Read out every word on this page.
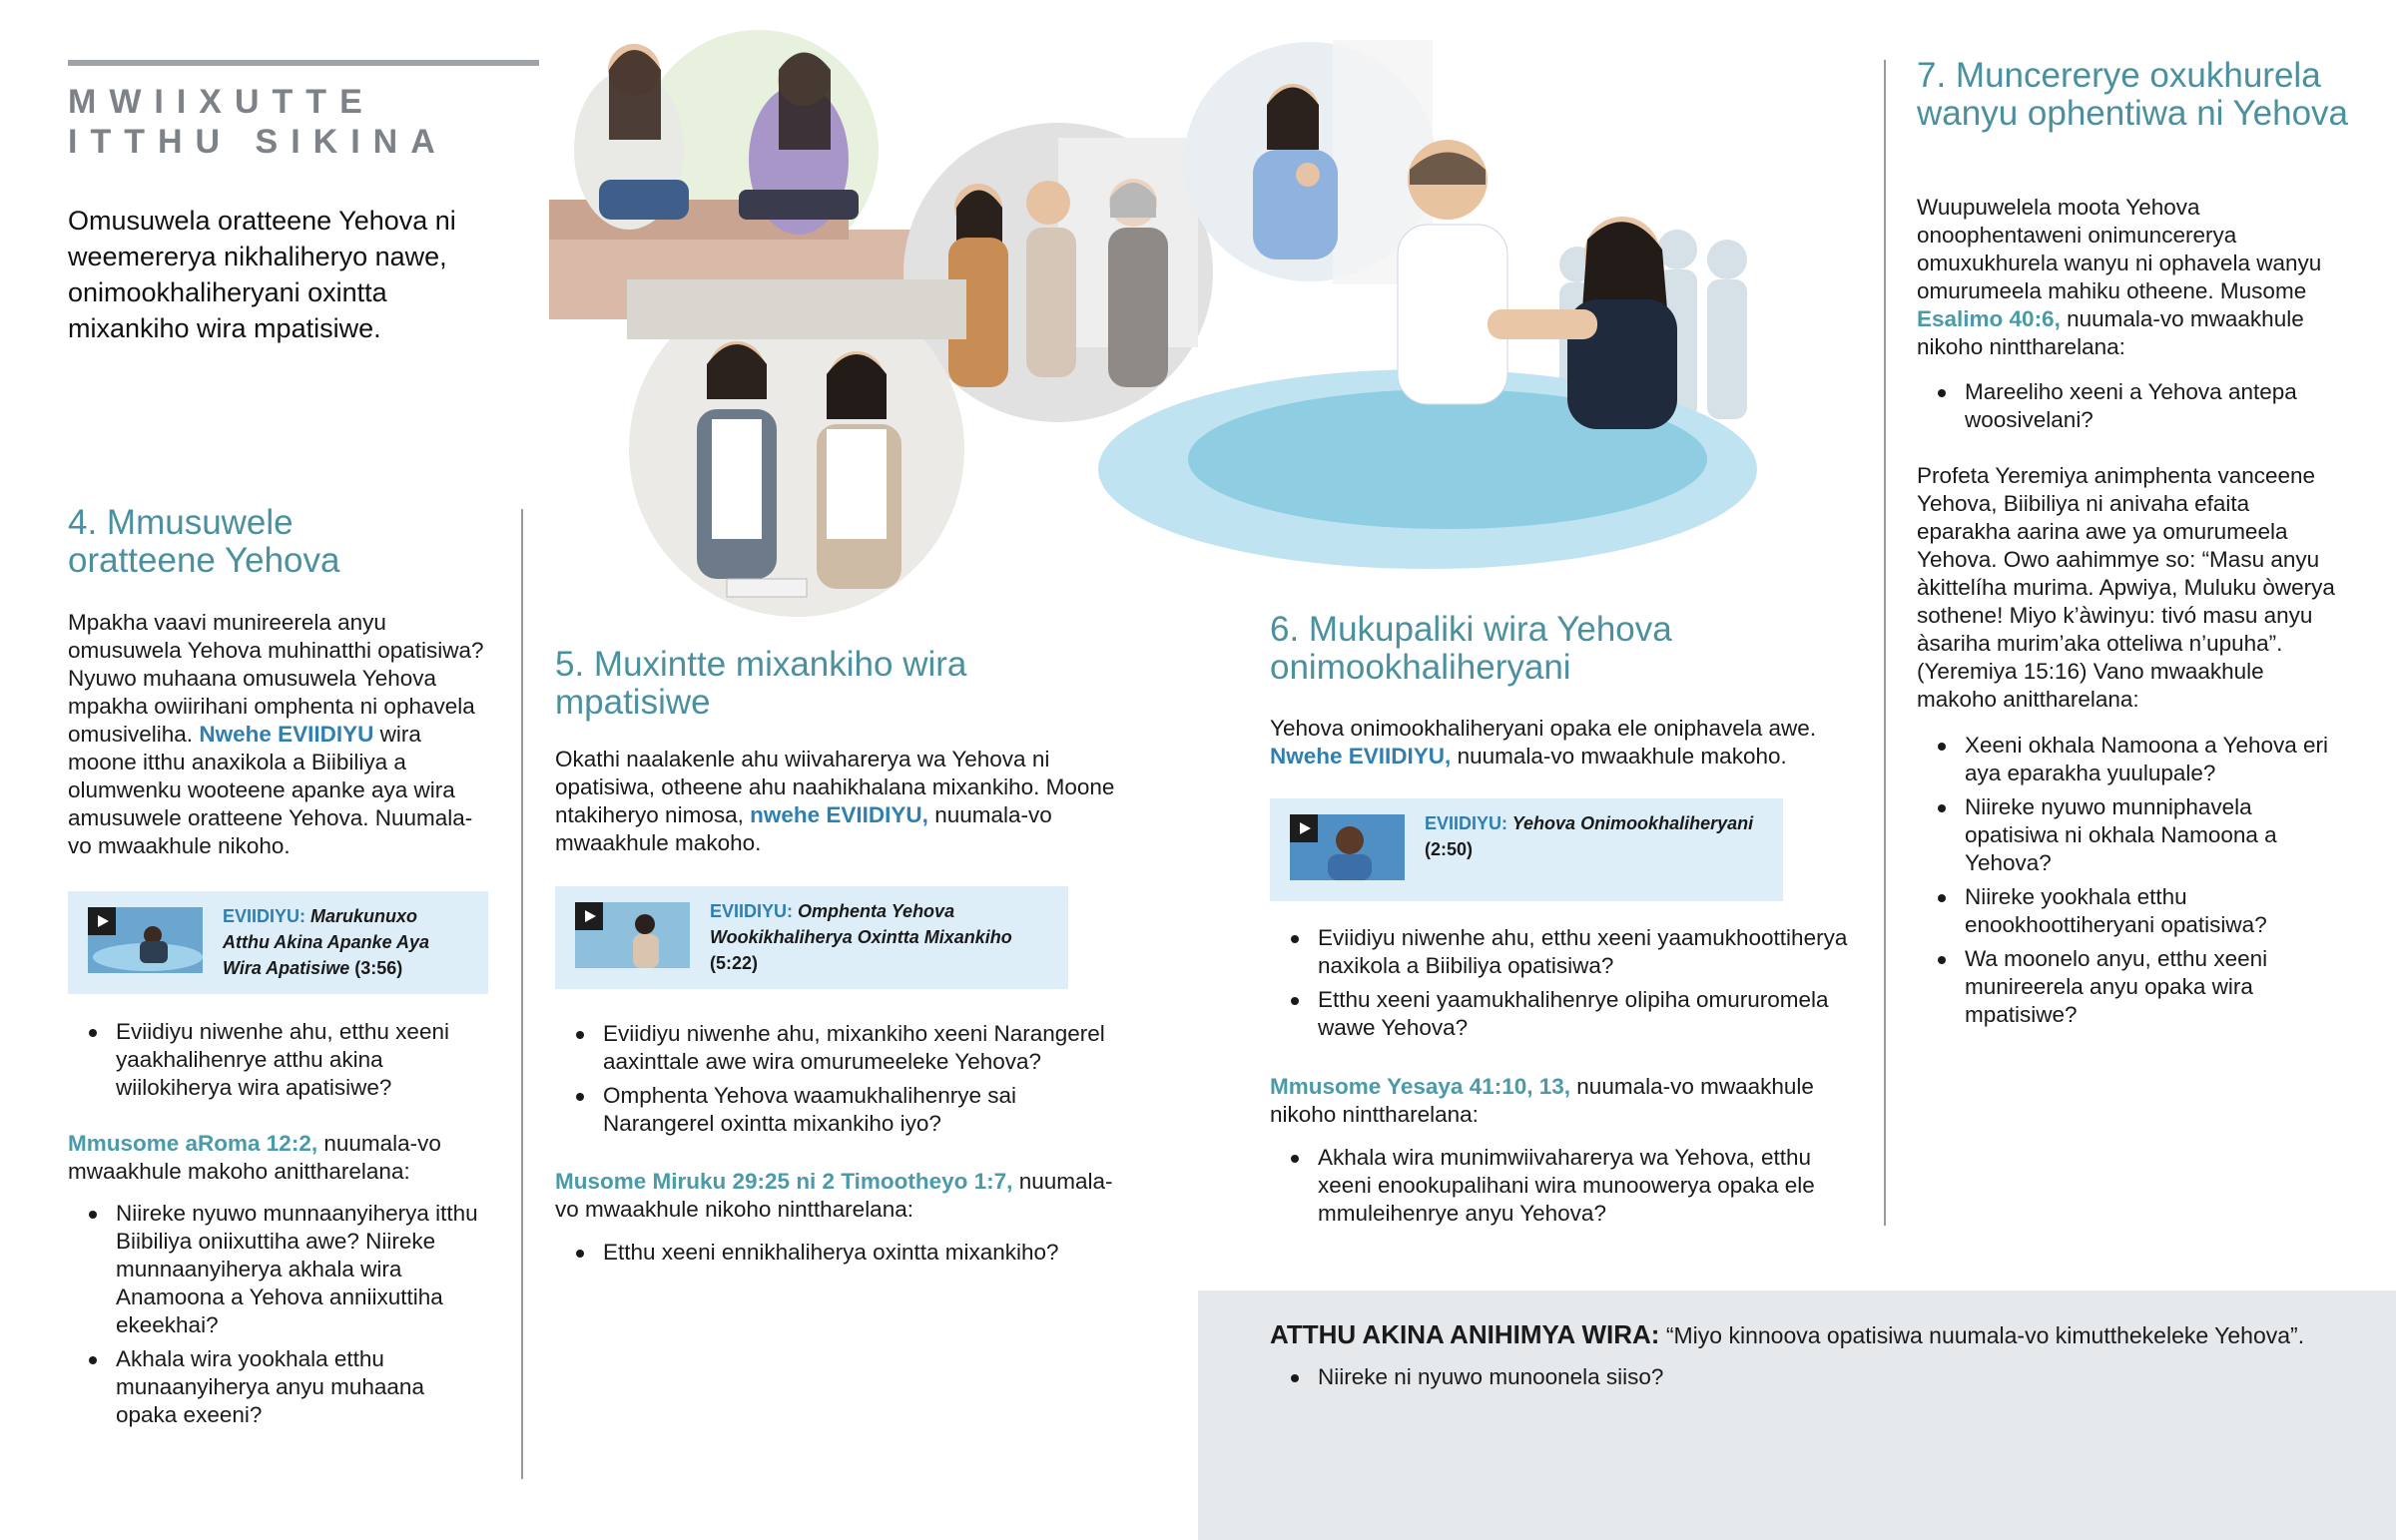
MWIIXUTTE ITTHU SIKINA
Omusuwela oratteene Yehova ni weemererya nikhaliheryo nawe, onimookhaliheryani oxintta mixankiho wira mpatisiwe.
4. Mmusuwele oratteene Yehova
Mpakha vaavi munireerela anyu omusuwela Yehova muhinatthi opatisiwa? Nyuwo muhaana omusuwela Yehova mpakha owiirihani omphenta ni ophavela omusiveliha. Nwehe EVIIDIYU wira moone itthu anaxikola a Biibiliya a olumwenku wooteene apanke aya wira amusuwele oratteene Yehova. Nuumala-vo mwaakhule nikoho.
EVIIDIYU: Marukunuxo Atthu Akina Apanke Aya Wira Apatisiwe (3:56)
Eviidiyu niwenhe ahu, etthu xeeni yaakhalihenrye atthu akina wiilokiherya wira apatisiwe?
Mmusome aRoma 12:2, nuumala-vo mwaakhule makoho anittharelana:
Niireke nyuwo munnaanyiherya itthu Biibiliya oniixuttiha awe? Niireke munnaanyiherya akhala wira Anamoona a Yehova anniixuttiha ekeekhai?
Akhala wira yookhala etthu munaanyiherya anyu muhaana opaka exeeni?
5. Muxintte mixankiho wira mpatisiwe
Okathi naalakenle ahu wiivaharerya wa Yehova ni opatisiwa, otheene ahu naahikhalana mixankiho. Moone ntakiheryo nimosa, nwehe EVIIDIYU, nuumala-vo mwaakhule makoho.
EVIIDIYU: Omphenta Yehova Wookikhaliherya Oxintta Mixankiho (5:22)
Eviidiyu niwenhe ahu, mixankiho xeeni Narangerel aaxinttale awe wira omurumeeleke Yehova?
Omphenta Yehova waamukhalihenrye sai Narangerel oxintta mixankiho iyo?
Musome Miruku 29:25 ni 2 Timootheyo 1:7, nuumala-vo mwaakhule nikoho ninttharelana:
Etthu xeeni ennikhaliherya oxintta mixankiho?
6. Mukupaliki wira Yehova onimookhaliheryani
Yehova onimookhaliheryani opaka ele oniphavela awe. Nwehe EVIIDIYU, nuumala-vo mwaakhule makoho.
EVIIDIYU: Yehova Onimookhaliheryani
(2:50)
Eviidiyu niwenhe ahu, etthu xeeni yaamukhoottiherya naxikola a Biibiliya opatisiwa?
Etthu xeeni yaamukhalihenrye olipiha omururomela wawe Yehova?
Mmusome Yesaya 41:10, 13, nuumala-vo mwaakhule nikoho ninttharelana:
Akhala wira munimwiivaharerya wa Yehova, etthu xeeni enookupalihani wira munoowerya opaka ele mmuleihenrye anyu Yehova?
7. Muncererye oxukhurela wanyu ophentiwa ni Yehova
Wuupuwelela moota Yehova onoophentaweni onimuncererya omuxukhurela wanyu ni ophavela wanyu omurumeela mahiku otheene. Musome Esalimo 40:6, nuumala-vo mwaakhule nikoho ninttharelana:
Mareeliho xeeni a Yehova antepa woosivelani?
Profeta Yeremiya animphenta vanceene Yehova, Biibiliya ni anivaha efaita eparakha aarina awe ya omurumeela Yehova. Owo aahimmye so: “Masu anyu àkittelíha murima. Apwiya, Muluku òwerya sothene! Miyo k’àwinyu: tivó masu anyu àsariha murim’aka otteliwa n’upuha”. (Yeremiya 15:16) Vano mwaakhule makoho anittharelana:
Xeeni okhala Namoona a Yehova eri aya eparakha yuulupale?
Niireke nyuwo munniphavela opatisiwa ni okhala Namoona a Yehova?
Niireke yookhala etthu enookhoottiheryani opatisiwa?
Wa moonelo anyu, etthu xeeni munireerela anyu opaka wira mpatisiwe?
ATTHU AKINA ANIHIMYA WIRA: “Miyo kinnoova opatisiwa nuumala-vo kimutthekeleke Yehova”.
Niireke ni nyuwo munoonela siiso?
